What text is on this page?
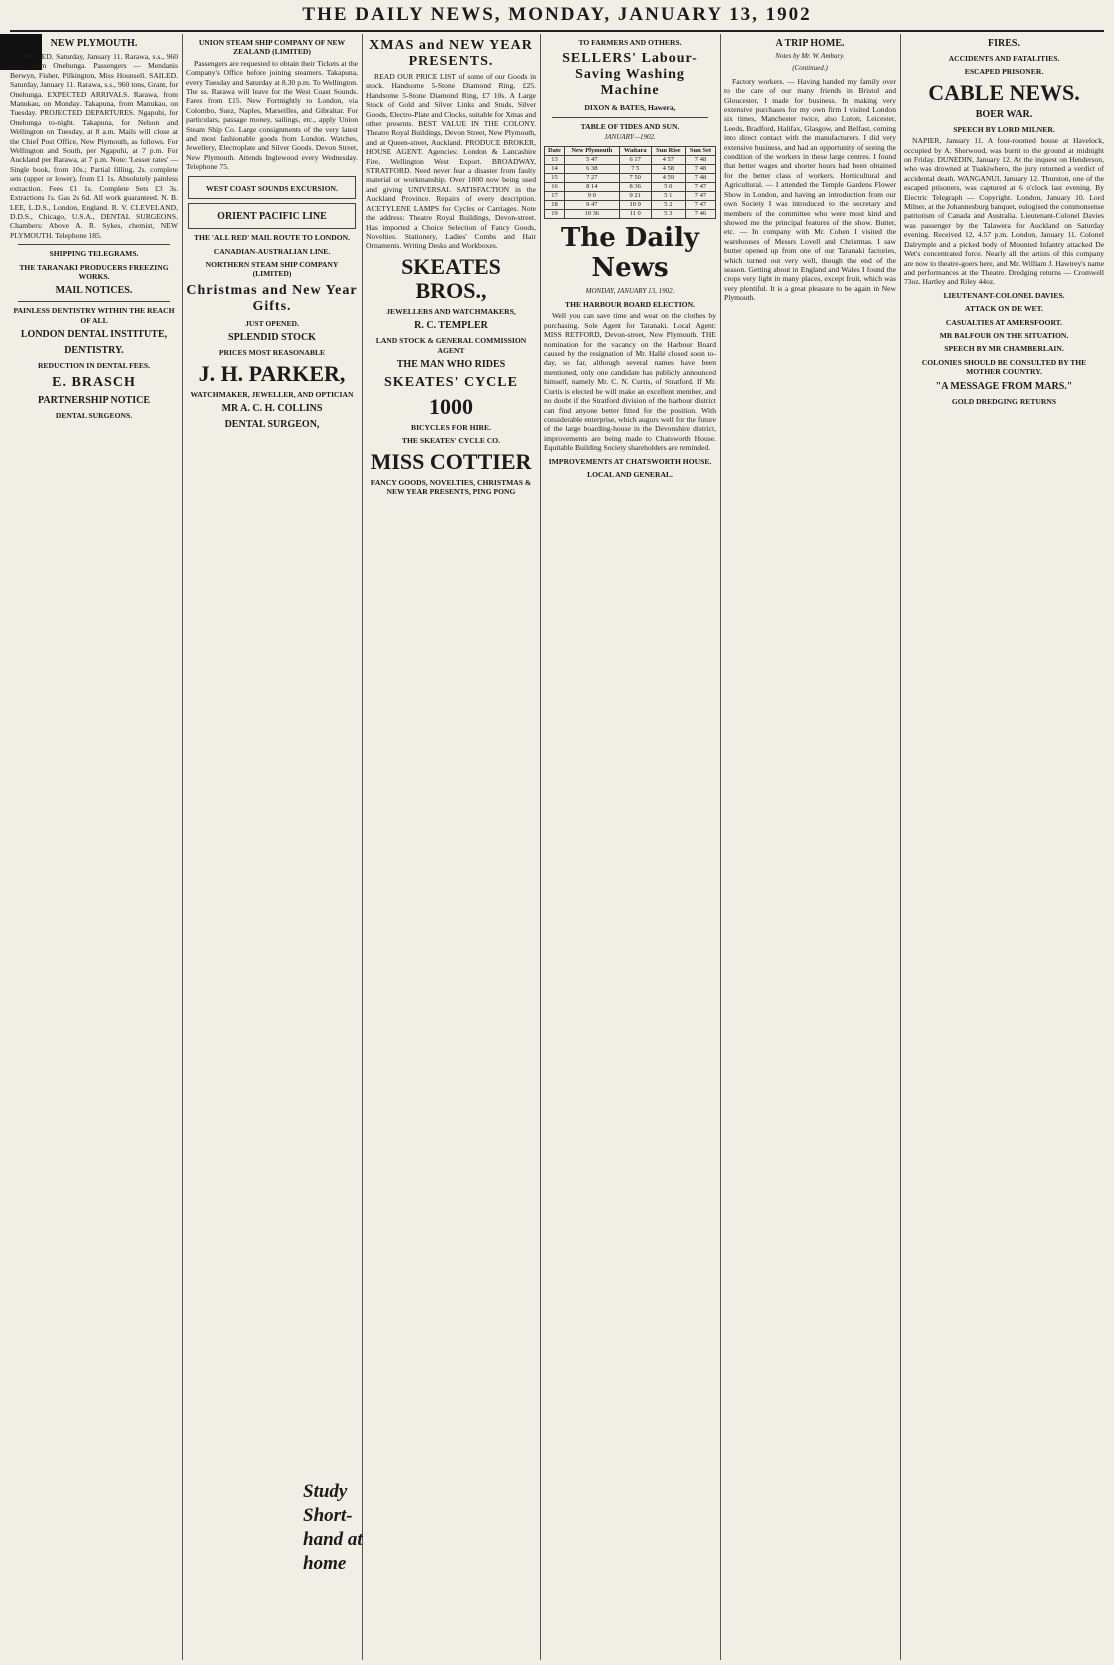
THE DAILY NEWS, MONDAY, JANUARY 13, 1902
NEW PLYMOUTH.
ARRIVED. Saturday, January 11. Rarawa, s.s., 960 tons, from Onehunga. Passengers — Mendanis Berwyn, Fisher, Pilkington, Miss Hounsell. SAILED. Saturday, January 11. Rarawa, s.s., 960 tons, Grant, for Onehunga. EXPECTED ARRIVALS. Rarawa, from Manukau, on Monday. Takapuna, from Manukau, on Tuesday. PROJECTED DEPARTURES. Ngapuhi, for Onehunga to-night. Takapuna, for Nelson and Wellington on Tuesday, at 8 a.m. Mails will close at the Chief Post Office, New Plymouth, as follows. For Wellington and South, per Ngapuhi, at 7 p.m. For Auckland per Rarawa, at 7 p.m. Note: 'Lesser rates' — Single book, from 10s.; Partial filling, 2s. complete sets (upper or lower), from £1 1s. Absolutely painless extraction. Fees £1 1s. Complete Sets £3 3s. Extractions 1s. Gas 2s 6d. All work guaranteed. N. B. LEE, L.D.S., London, England. R. V. CLEVELAND, D.D.S., Chicago, U.S.A., DENTAL SURGEONS. Chambers: Above A. R. Sykes, chemist, NEW PLYMOUTH. Telephone 185.
SHIPPING TELEGRAMS.
THE TARANAKI PRODUCERS FREEZING WORKS.
MAIL NOTICES.
PAINLESS DENTISTRY WITHIN THE REACH OF ALL
LONDON DENTAL INSTITUTE,
DENTISTRY.
REDUCTION IN DENTAL FEES.
E. BRASCH
PARTNERSHIP NOTICE
DENTAL SURGEONS.
UNION STEAM SHIP COMPANY OF NEW ZEALAND (LIMITED)
Passengers are requested to obtain their Tickets at the Company's Office before joining steamers. Takapuna, every Tuesday and Saturday at 8.30 p.m. To Wellington. The ss. Rarawa will leave for the West Coast Sounds. Fares from £15. New Fortnightly to London, via Colombo, Suez, Naples, Marseilles, and Gibraltar. For particulars, passage money, sailings, etc., apply Union Steam Ship Co. Large consignments of the very latest and most fashionable goods from London. Watches, Jewellery, Electroplate and Silver Goods. Devon Street, New Plymouth. Attends Inglewood every Wednesday. Telephone 75.
WEST COAST SOUNDS EXCURSION.
ORIENT PACIFIC LINE
THE 'ALL RED' MAIL ROUTE TO LONDON.
CANADIAN-AUSTRALIAN LINE.
NORTHERN STEAM SHIP COMPANY (LIMITED)
Christmas and New Year Gifts.
JUST OPENED.
SPLENDID STOCK
PRICES MOST REASONABLE
J. H. PARKER,
WATCHMAKER, JEWELLER, AND OPTICIAN
MR A. C. H. COLLINS
DENTAL SURGEON,
XMAS and NEW YEAR PRESENTS.
READ OUR PRICE LIST of some of our Goods in stock. Handsome 5-Stone Diamond Ring, £25. Handsome 5-Stone Diamond Ring, £7 10s. A Large Stock of Gold and Silver Links and Studs, Silver Goods, Electro-Plate and Clocks, suitable for Xmas and other presents. BEST VALUE IN THE COLONY. Theatre Royal Buildings, Devon Street, New Plymouth, and at Queen-street, Auckland. PRODUCE BROKER, HOUSE AGENT. Agencies: London & Lancashire Fire, Wellington West Export. BROADWAY, STRATFORD. Need never fear a disaster from faulty material or workmanship. Over 1000 now being used and giving UNIVERSAL SATISFACTION in the Auckland Province. Repairs of every description. ACETYLENE LAMPS for Cycles or Carriages. Note the address: Theatre Royal Buildings, Devon-street. Has imported a Choice Selection of Fancy Goods, Novelties. Stationery, Ladies' Combs and Hair Ornaments. Writing Desks and Workboxes.
SKEATES BROS.,
JEWELLERS AND WATCHMAKERS,
R. C. TEMPLER
LAND STOCK & GENERAL COMMISSION AGENT
THE MAN WHO RIDES
SKEATES' CYCLE
1000
BICYCLES FOR HIRE.
THE SKEATES' CYCLE CO.
MISS COTTIER
FANCY GOODS, NOVELTIES, CHRISTMAS & NEW YEAR PRESENTS, PING PONG
TO FARMERS AND OTHERS.
SELLERS' Labour-Saving Washing Machine
DIXON & BATES, Hawera,
TABLE OF TIDES AND SUN.
JANUARY—1902.
Date	New Plymouth	Waitara	Sun Rise	Sun Set
13	5 47	6 17	4 57	7 48
14	6 38	7 5	4 58	7 48
15	7 27	7 50	4 59	7 48
16	8 14	8 36	5 0	7 47
17	9 0	9 21	5 1	7 47
18	9 47	10 9	5 2	7 47
19	10 36	11 0	5 3	7 46
The Daily News
MONDAY, JANUARY 13, 1902.
THE HARBOUR BOARD ELECTION.
Well you can save time and wear on the clothes by purchasing. Sole Agent for Taranaki. Local Agent: MISS RETFORD, Devon-street, New Plymouth. THE nomination for the vacancy on the Harbour Board caused by the resignation of Mr. Hallé closed soon to-day, so far, although several names have been mentioned, only one candidate has publicly announced himself, namely Mr. C. N. Curtis, of Stratford. If Mr. Curtis is elected he will make an excellent member, and no doubt if the Stratford division of the harbour district can find anyone better fitted for the position. With considerable enterprise, which augurs well for the future of the large boarding-house in the Devonshire district, improvements are being made to Chatsworth House. Equitable Building Society shareholders are reminded.
IMPROVEMENTS AT CHATSWORTH HOUSE.
LOCAL AND GENERAL.
A TRIP HOME.
Notes by Mr. W. Ambury.
(Continued.)
Factory workers. — Having handed my family over to the care of our many friends in Bristol and Gloucester, I made for business. In making very extensive purchases for my own firm I visited London six times, Manchester twice, also Luton, Leicester, Leeds, Bradford, Halifax, Glasgow, and Belfast, coming into direct contact with the manufacturers. I did very extensive business, and had an opportunity of seeing the condition of the workers in these large centres. I found that better wages and shorter hours had been obtained for the better class of workers. Horticultural and Agricultural. — I attended the Temple Gardens Flower Show in London, and having an introduction from our own Society I was introduced to the secretary and members of the committee who were most kind and showed me the principal features of the show. Butter, etc. — In company with Mr. Cohen I visited the warehouses of Messrs Lovell and Christmas. I saw butter opened up from one of our Taranaki factories, which turned out very well, though the end of the season. Getting about in England and Wales I found the crops very light in many places, except fruit, which was very plentiful. It is a great pleasure to be again in New Plymouth.
FIRES.
ACCIDENTS AND FATALITIES.
ESCAPED PRISONER.
CABLE NEWS.
BOER WAR.
SPEECH BY LORD MILNER.
NAPIER, January 11. A four-roomed house at Havelock, occupied by A. Sherwood, was burnt to the ground at midnight on Friday. DUNEDIN, January 12. At the inquest on Henderson, who was drowned at Tuakiwhero, the jury returned a verdict of accidental death. WANGANUI, January 12. Thurston, one of the escaped prisoners, was captured at 6 o'clock last evening. By Electric Telegraph — Copyright. London, January 10. Lord Milner, at the Johannesburg banquet, eulogised the commonsense patriotism of Canada and Australia. Lieutenant-Colonel Davies was passenger by the Talawera for Auckland on Saturday evening. Received 12, 4.57 p.m. London, January 11. Colonel Dalrymple and a picked body of Mounted Infantry attacked De Wet's concentrated force. Nearly all the artists of this company are now to theatre-goers here, and Mr. William J. Hawtrey's name and performances at the Theatre. Dredging returns — Cromwell 73oz. Hartley and Riley 44oz.
LIEUTENANT-COLONEL DAVIES.
ATTACK ON DE WET.
CASUALTIES AT AMERSFOORT.
MR BALFOUR ON THE SITUATION.
SPEECH BY MR CHAMBERLAIN.
COLONIES SHOULD BE CONSULTED BY THE MOTHER COUNTRY.
"A MESSAGE FROM MARS."
GOLD DREDGING RETURNS
Study Short-hand at home
